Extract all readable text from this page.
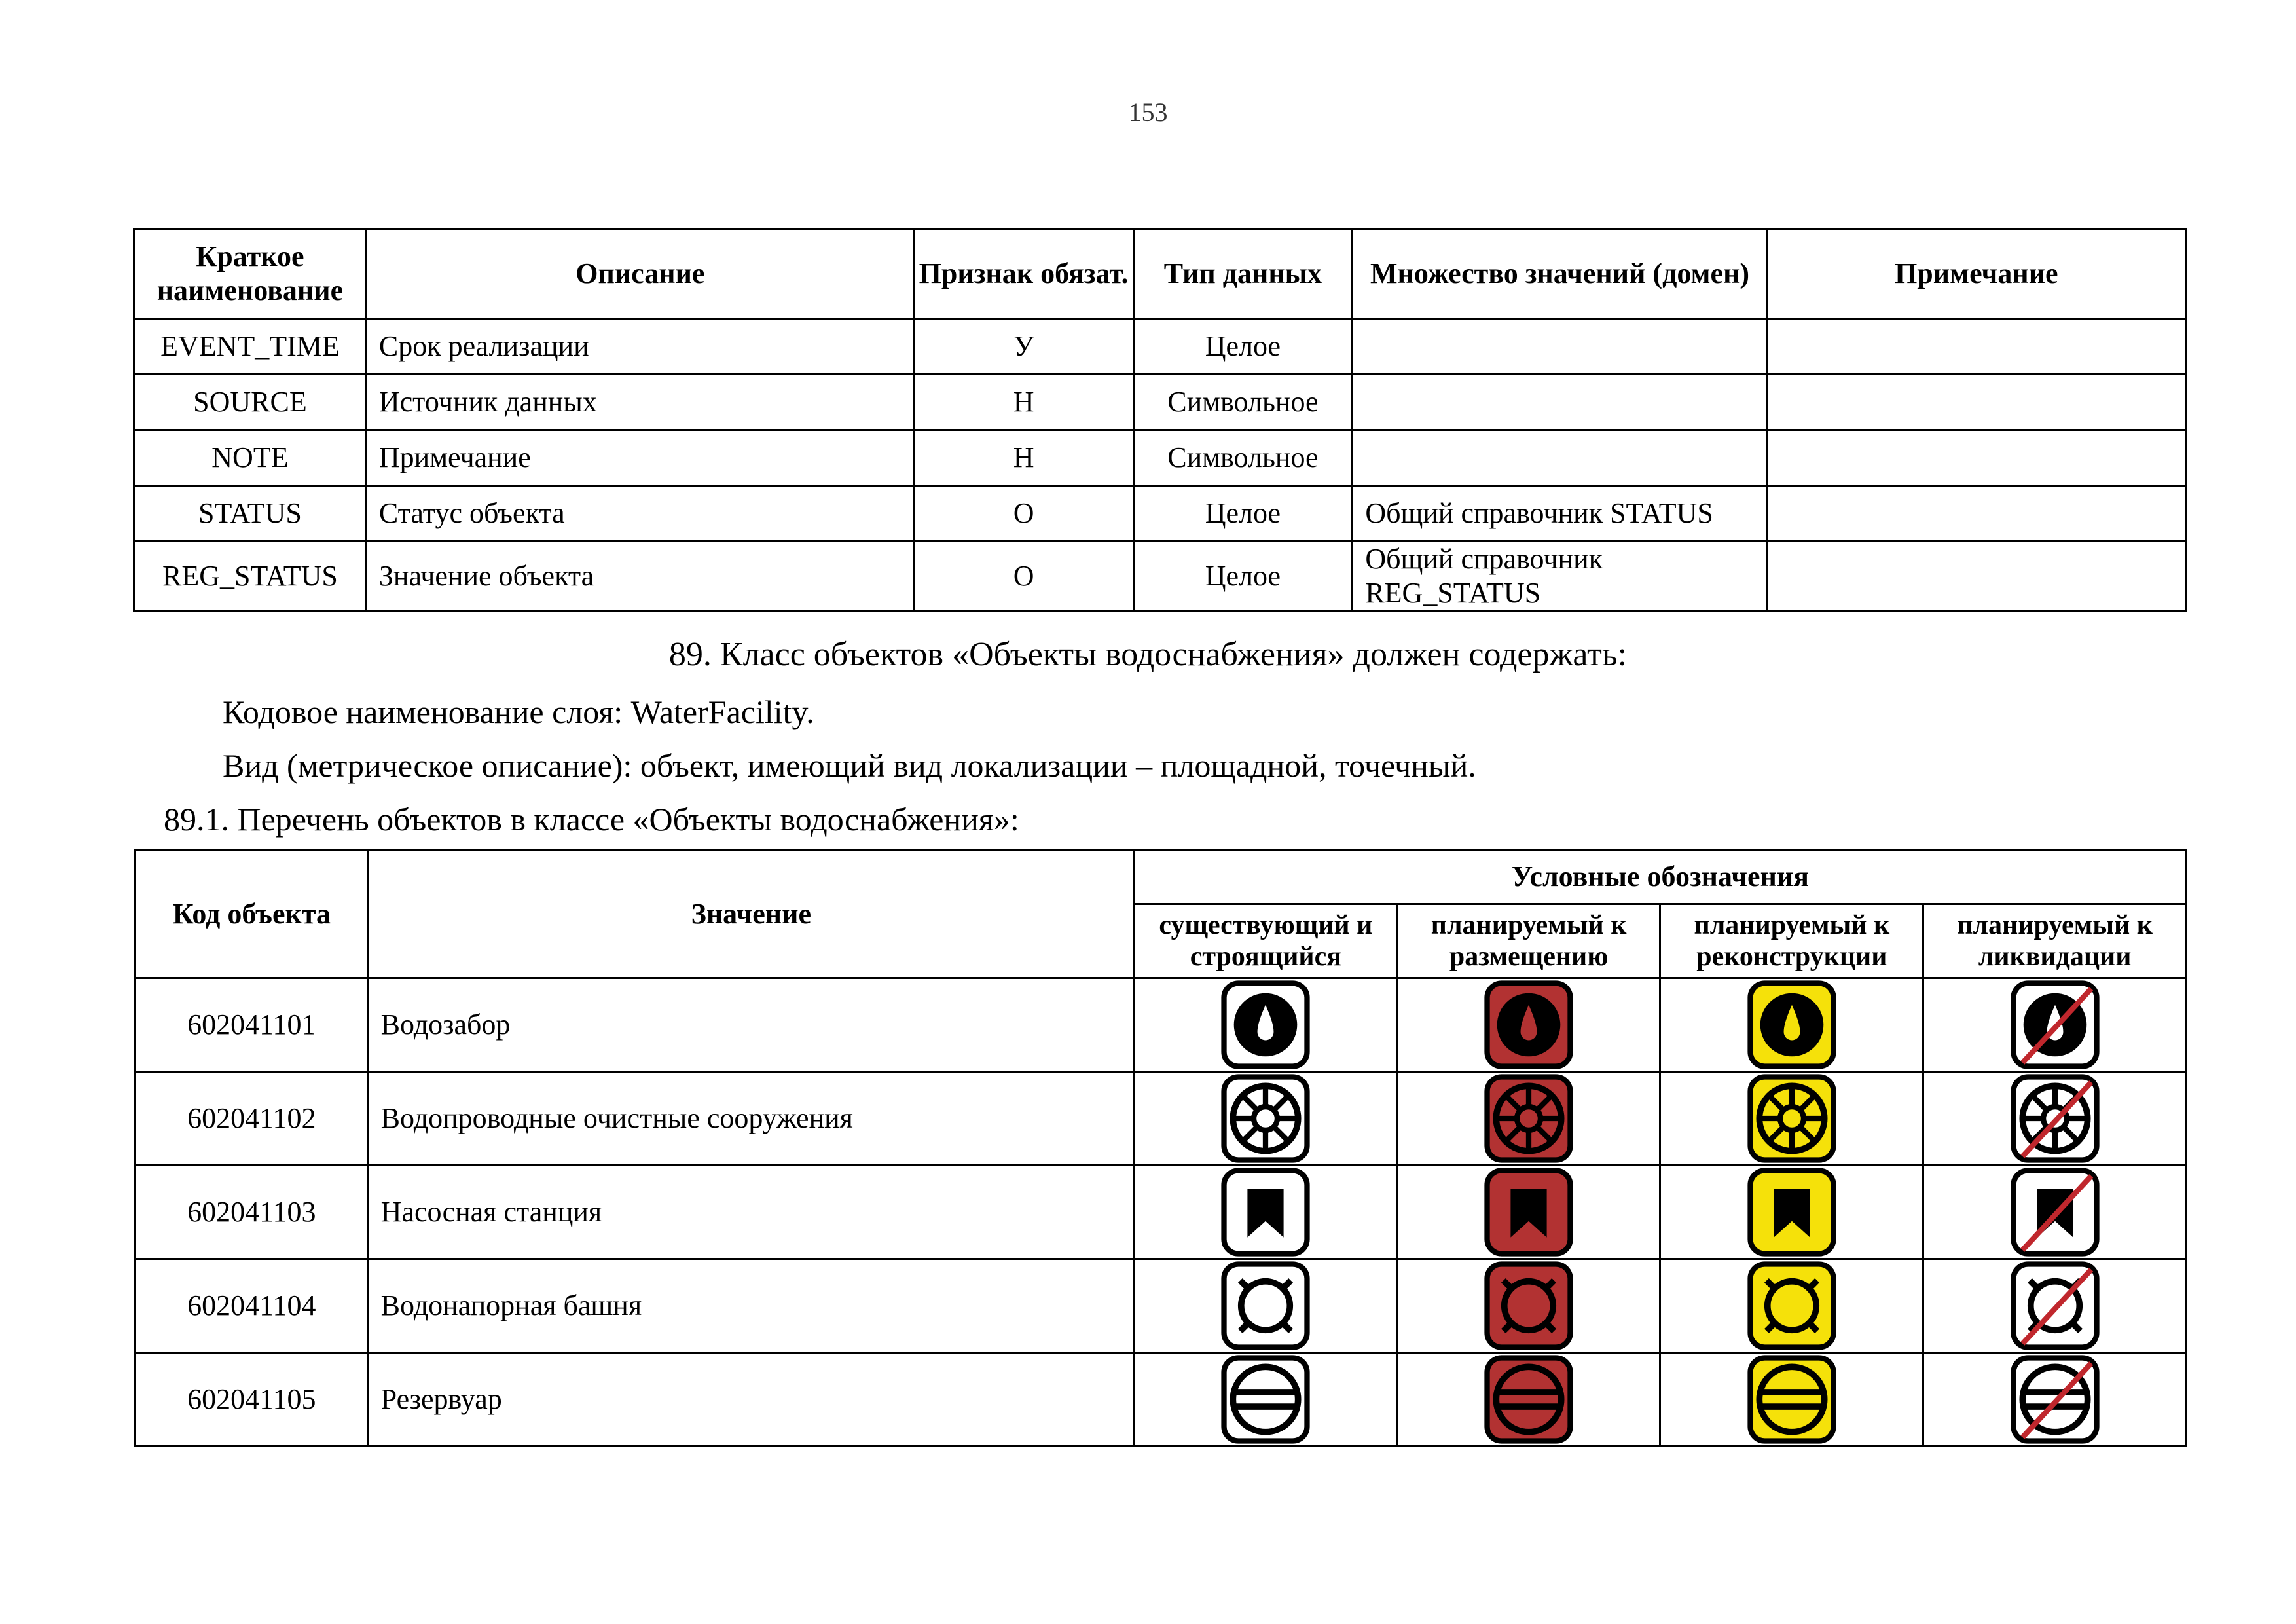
153
Краткое наименование	Описание	Признак обязат.	Тип данных	Множество значений (домен)	Примечание
EVENT_TIME	Срок реализации	У	Целое		
SOURCE	Источник данных	Н	Символьное		
NOTE	Примечание	Н	Символьное		
STATUS	Статус объекта	О	Целое	Общий справочник STATUS	
REG_STATUS	Значение объекта	О	Целое	Общий справочник REG_STATUS	
89. Класс объектов «Объекты водоснабжения» должен содержать:
Кодовое наименование слоя: WaterFacility.
Вид (метрическое описание): объект, имеющий вид локализации – площадной, точечный.
89.1. Перечень объектов в классе «Объекты водоснабжения»:
Код объекта	Значение	Условные обозначения			
		существующий и строящийся	планируемый к размещению	планируемый к реконструкции	планируемый к ликвидации
602041101	Водозабор	

602041102	Водопроводные очистные сооружения	

602041103	Насосная станция	

602041104	Водонапорная башня	

602041105	Резервуар	
